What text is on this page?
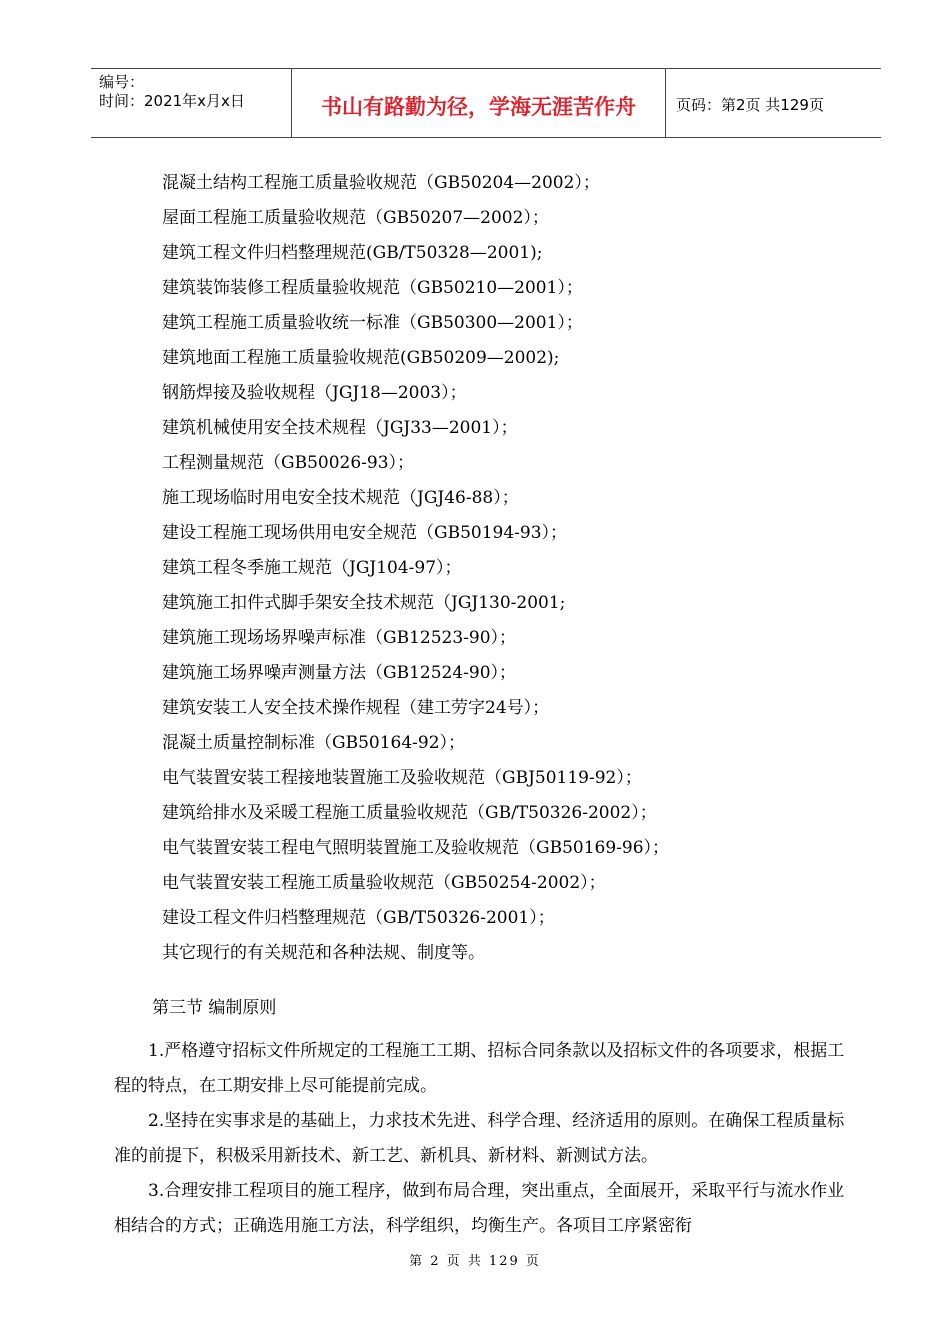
编号：
时间：2021年x月x日	书山有路勤为径，学海无涯苦作舟	页码：第2页 共129页
混凝土结构工程施工质量验收规范（GB50204—2002）；
屋面工程施工质量验收规范（GB50207—2002）；
建筑工程文件归档整理规范(GB/T50328—2001);
建筑装饰装修工程质量验收规范（GB50210—2001）；
建筑工程施工质量验收统一标准（GB50300—2001）；
建筑地面工程施工质量验收规范(GB50209—2002);
钢筋焊接及验收规程（JGJ18—2003）；
建筑机械使用安全技术规程（JGJ33—2001）；
工程测量规范（GB50026-93）；
施工现场临时用电安全技术规范（JGJ46-88）；
建设工程施工现场供用电安全规范（GB50194-93）；
建筑工程冬季施工规范（JGJ104-97）；
建筑施工扣件式脚手架安全技术规范（JGJ130-2001;
建筑施工现场场界噪声标准（GB12523-90）；
建筑施工场界噪声测量方法（GB12524-90）；
建筑安装工人安全技术操作规程（建工劳字24号）；
混凝土质量控制标准（GB50164-92）；
电气装置安装工程接地装置施工及验收规范（GBJ50119-92）；
建筑给排水及采暖工程施工质量验收规范（GB/T50326-2002）；
电气装置安装工程电气照明装置施工及验收规范（GB50169-96）；
电气装置安装工程施工质量验收规范（GB50254-2002）；
建设工程文件归档整理规范（GB/T50326-2001）；
其它现行的有关规范和各种法规、制度等。
第三节 编制原则
1.严格遵守招标文件所规定的工程施工工期、招标合同条款以及招标文件的各项要求，根据工程的特点，在工期安排上尽可能提前完成。
2.坚持在实事求是的基础上，力求技术先进、科学合理、经济适用的原则。在确保工程质量标准的前提下，积极采用新技术、新工艺、新机具、新材料、新测试方法。
3.合理安排工程项目的施工程序，做到布局合理，突出重点，全面展开，采取平行与流水作业相结合的方式；正确选用施工方法，科学组织，均衡生产。各项目工序紧密衔
第 2 页 共 129 页
